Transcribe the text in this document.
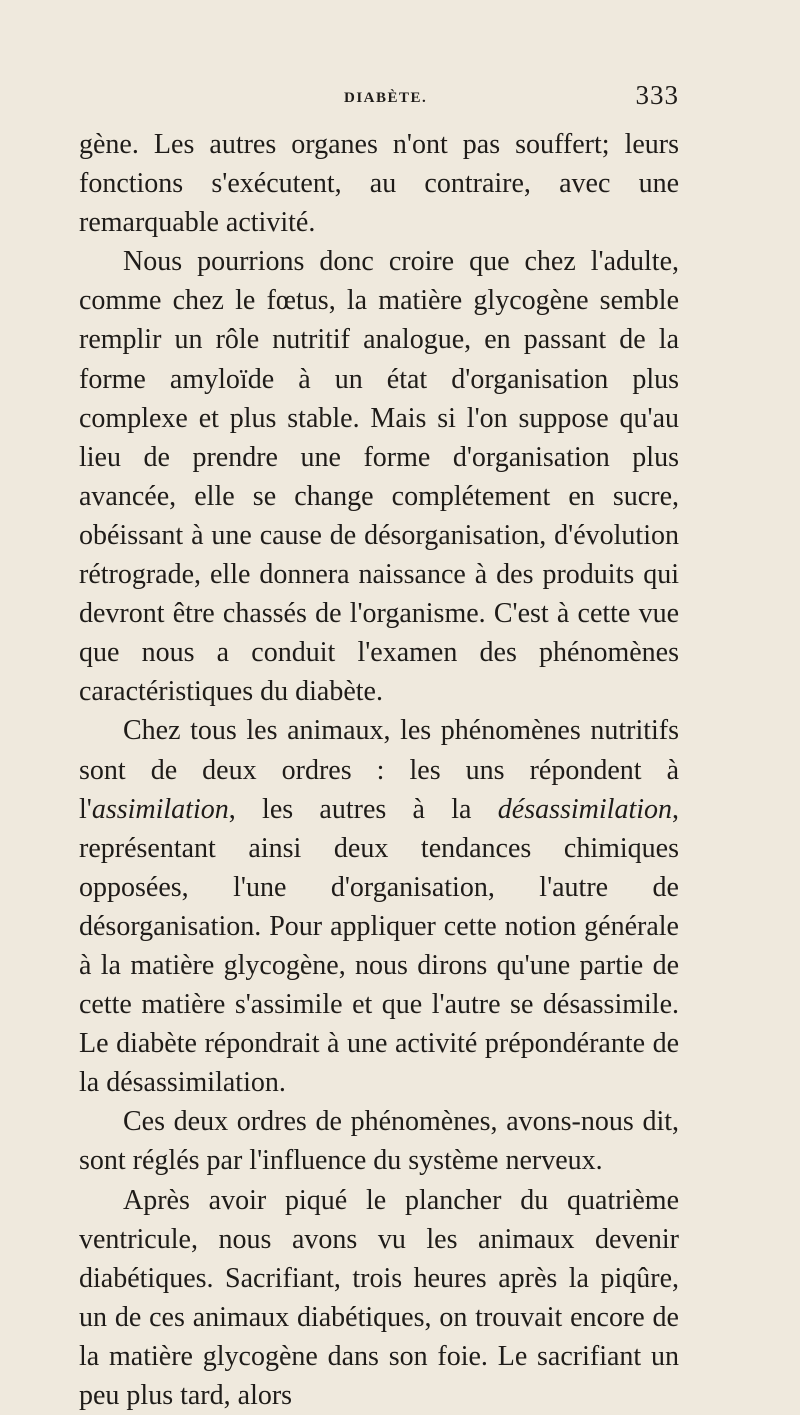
DIABÈTE.	333

gène. Les autres organes n'ont pas souffert; leurs fonctions s'exécutent, au contraire, avec une remarquable activité.

Nous pourrions donc croire que chez l'adulte, comme chez le fœtus, la matière glycogène semble remplir un rôle nutritif analogue, en passant de la forme amyloïde à un état d'organisation plus complexe et plus stable. Mais si l'on suppose qu'au lieu de prendre une forme d'organisation plus avancée, elle se change complétement en sucre, obéissant à une cause de désorganisation, d'évolution rétrograde, elle donnera naissance à des produits qui devront être chassés de l'organisme. C'est à cette vue que nous a conduit l'examen des phénomènes caractéristiques du diabète.

Chez tous les animaux, les phénomènes nutritifs sont de deux ordres : les uns répondent à l'assimilation, les autres à la désassimilation, représentant ainsi deux tendances chimiques opposées, l'une d'organisation, l'autre de désorganisation. Pour appliquer cette notion générale à la matière glycogène, nous dirons qu'une partie de cette matière s'assimile et que l'autre se désassimile. Le diabète répondrait à une activité prépondérante de la désassimilation.

Ces deux ordres de phénomènes, avons-nous dit, sont réglés par l'influence du système nerveux.

Après avoir piqué le plancher du quatrième ventricule, nous avons vu les animaux devenir diabétiques. Sacrifiant, trois heures après la piqûre, un de ces animaux diabétiques, on trouvait encore de la matière glycogène dans son foie. Le sacrifiant un peu plus tard, alors
